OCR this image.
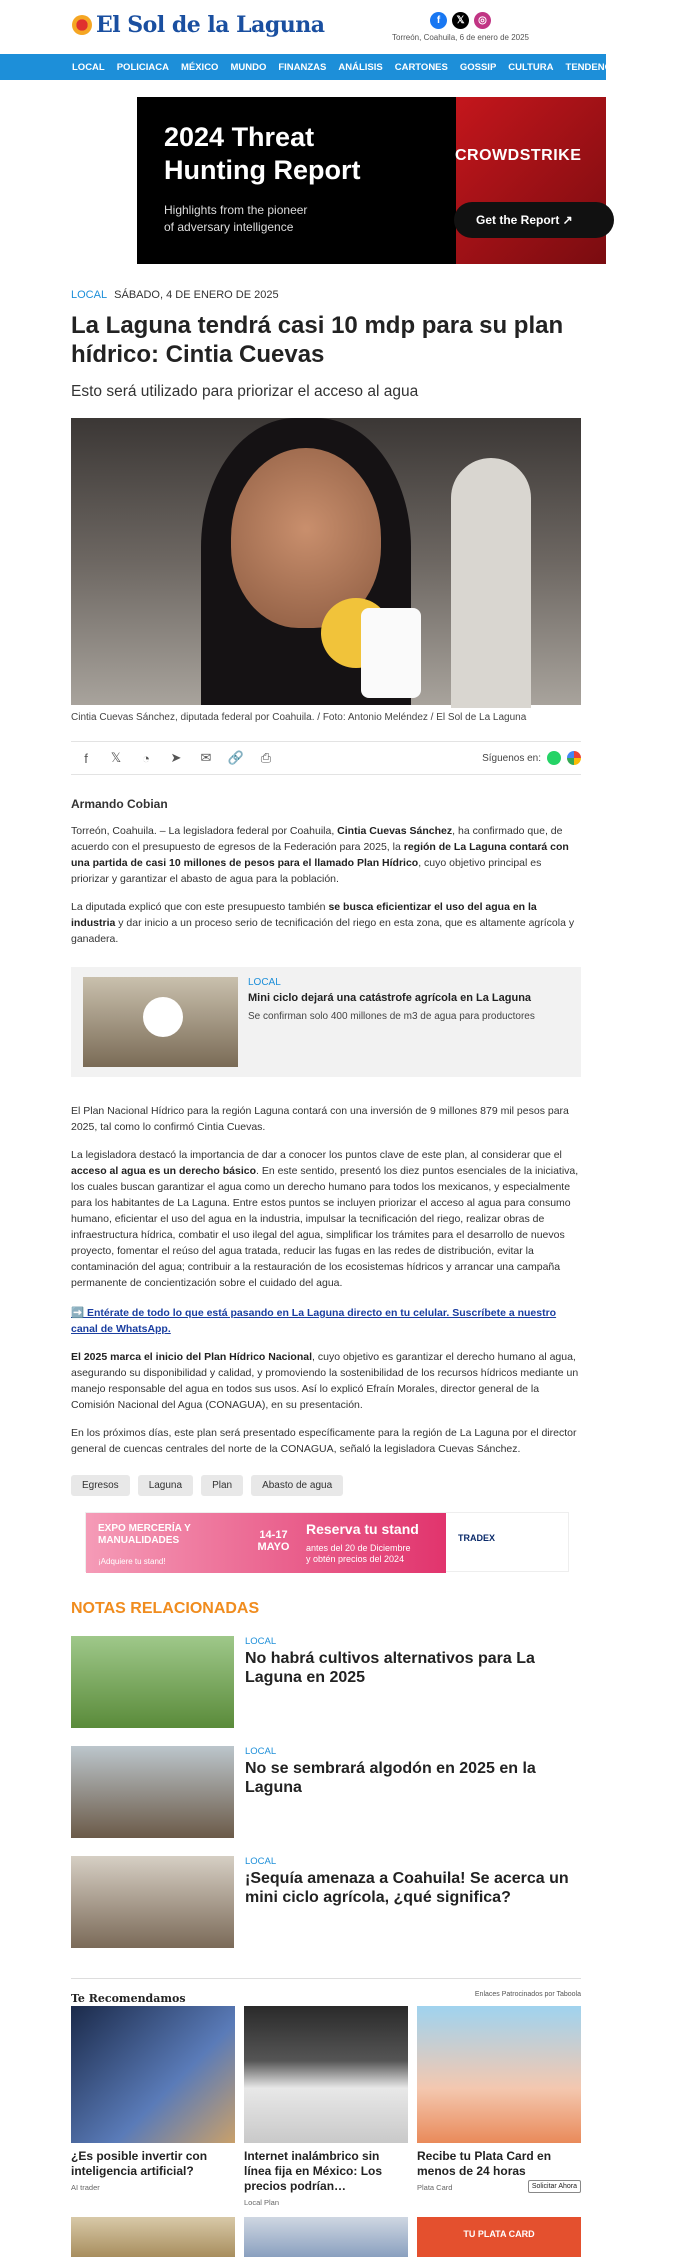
El Sol de la Laguna	f	𝕏	◎
Torreón, Coahuila, 6 de enero de 2025
LOCAL POLICIACA MÉXICO MUNDO FINANZAS ANÁLISIS CARTONES GOSSIP CULTURA TENDENCIAS CIENCIA
2024 Threat
Hunting Report
Highlights from the pioneer
of adversary intelligence
CROWDSTRIKE
Get the Report ↗
LOCAL SÁBADO, 4 DE ENERO DE 2025
La Laguna tendrá casi 10 mdp para su plan hídrico: Cintia Cuevas
Esto será utilizado para priorizar el acceso al agua
Cintia Cuevas Sánchez, diputada federal por Coahuila. / Foto: Antonio Meléndez / El Sol de La Laguna
f	𝕏	◔	➤	✉	🔗	⎙	Síguenos en:
Armando Cobian

Torreón, Coahuila. – La legisladora federal por Coahuila, Cintia Cuevas Sánchez, ha confirmado que, de acuerdo con el presupuesto de egresos de la Federación para 2025, la región de La Laguna contará con una partida de casi 10 millones de pesos para el llamado Plan Hídrico, cuyo objetivo principal es priorizar y garantizar el abasto de agua para la población.

La diputada explicó que con este presupuesto también se busca eficientizar el uso del agua en la industria y dar inicio a un proceso serio de tecnificación del riego en esta zona, que es altamente agrícola y ganadera.

LOCAL
Mini ciclo dejará una catástrofe agrícola en La Laguna
Se confirman solo 400 millones de m3 de agua para productores

El Plan Nacional Hídrico para la región Laguna contará con una inversión de 9 millones 879 mil pesos para 2025, tal como lo confirmó Cintia Cuevas.

La legisladora destacó la importancia de dar a conocer los puntos clave de este plan, al considerar que el acceso al agua es un derecho básico. En este sentido, presentó los diez puntos esenciales de la iniciativa, los cuales buscan garantizar el agua como un derecho humano para todos los mexicanos, y especialmente para los habitantes de La Laguna. Entre estos puntos se incluyen priorizar el acceso al agua para consumo humano, eficientar el uso del agua en la industria, impulsar la tecnificación del riego, realizar obras de infraestructura hídrica, combatir el uso ilegal del agua, simplificar los trámites para el desarrollo de nuevos proyecto, fomentar el reúso del agua tratada, reducir las fugas en las redes de distribución, evitar la contaminación del agua; contribuir a la restauración de los ecosistemas hídricos y arrancar una campaña permanente de concientización sobre el cuidado del agua.

➡️ Entérate de todo lo que está pasando en La Laguna directo en tu celular. Suscríbete a nuestro canal de WhatsApp.

El 2025 marca el inicio del Plan Hídrico Nacional, cuyo objetivo es garantizar el derecho humano al agua, asegurando su disponibilidad y calidad, y promoviendo la sostenibilidad de los recursos hídricos mediante un manejo responsable del agua en todos sus usos. Así lo explicó Efraín Morales, director general de la Comisión Nacional del Agua (CONAGUA), en su presentación.

En los próximos días, este plan será presentado específicamente para la región de La Laguna por el director general de cuencas centrales del norte de la CONAGUA, señaló la legisladora Cuevas Sánchez.

Egresos	Laguna	Plan	Abasto de agua
EXPO MERCERÍA Y MANUALIDADES
¡Adquiere tu stand!
14-17 MAYO
Reserva tu stand
antes del 20 de Diciembre
y obtén precios del 2024
TRADEX
NOTAS RELACIONADAS
LOCAL
No habrá cultivos alternativos para La Laguna en 2025
LOCAL
No se sembrará algodón en 2025 en la Laguna
LOCAL
¡Sequía amenaza a Coahuila! Se acerca un mini ciclo agrícola, ¿qué significa?
Te Recomendamos	Enlaces Patrocinados por Taboola
¿Es posible invertir con inteligencia artificial?
AI trader
Internet inalámbrico sin línea fija en México: Los precios podrían…
Local Plan
Recibe tu Plata Card en menos de 24 horas
Plata Card	Solicitar Ahora
TU PLATA CARD
